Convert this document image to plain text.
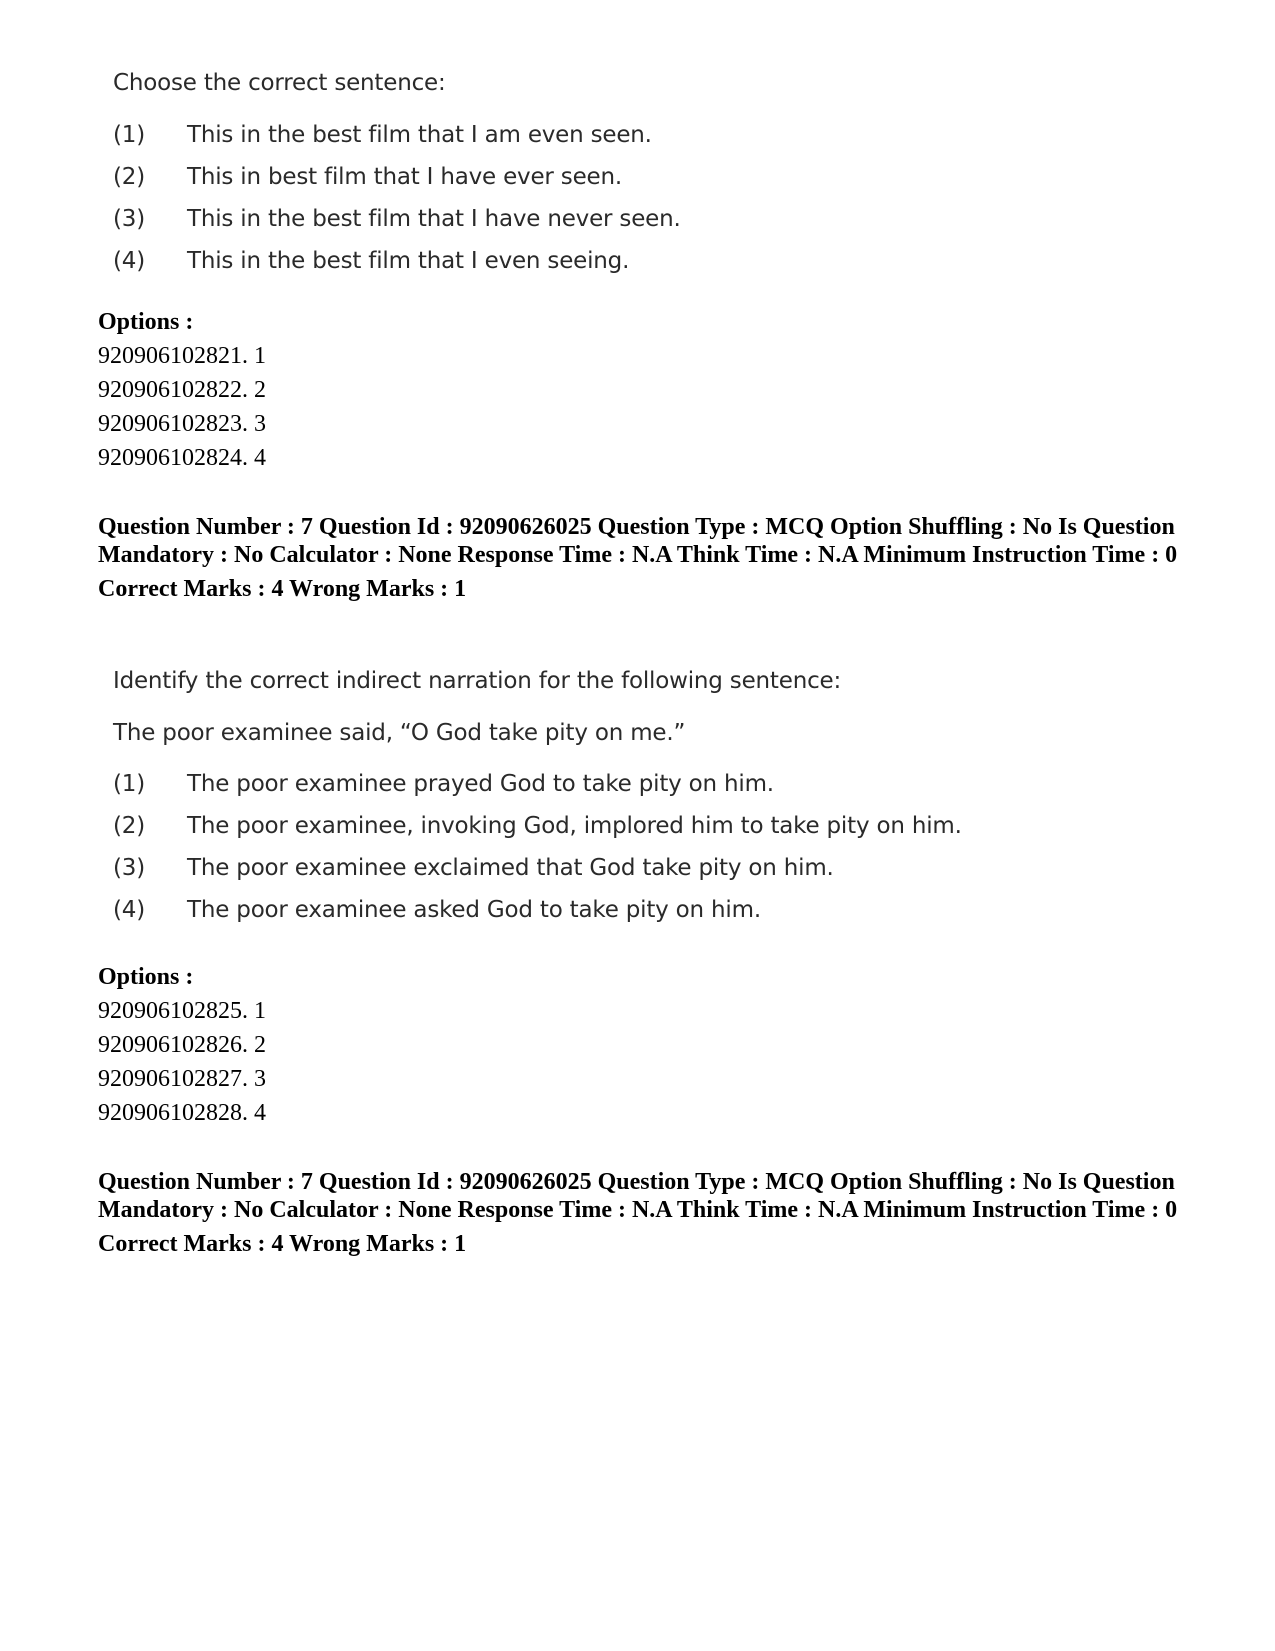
Choose the correct sentence:
(1) This in the best film that I am even seen.
(2) This in best film that I have ever seen.
(3) This in the best film that I have never seen.
(4) This in the best film that I even seeing.
Options :
920906102821. 1
920906102822. 2
920906102823. 3
920906102824. 4
Question Number : 7 Question Id : 92090626025 Question Type : MCQ Option Shuffling : No Is Question Mandatory : No Calculator : None Response Time : N.A Think Time : N.A Minimum Instruction Time : 0
Correct Marks : 4 Wrong Marks : 1
Identify the correct indirect narration for the following sentence:
The poor examinee said, “O God take pity on me.”
(1) The poor examinee prayed God to take pity on him.
(2) The poor examinee, invoking God, implored him to take pity on him.
(3) The poor examinee exclaimed that God take pity on him.
(4) The poor examinee asked God to take pity on him.
Options :
920906102825. 1
920906102826. 2
920906102827. 3
920906102828. 4
Question Number : 7 Question Id : 92090626025 Question Type : MCQ Option Shuffling : No Is Question Mandatory : No Calculator : None Response Time : N.A Think Time : N.A Minimum Instruction Time : 0
Correct Marks : 4 Wrong Marks : 1
